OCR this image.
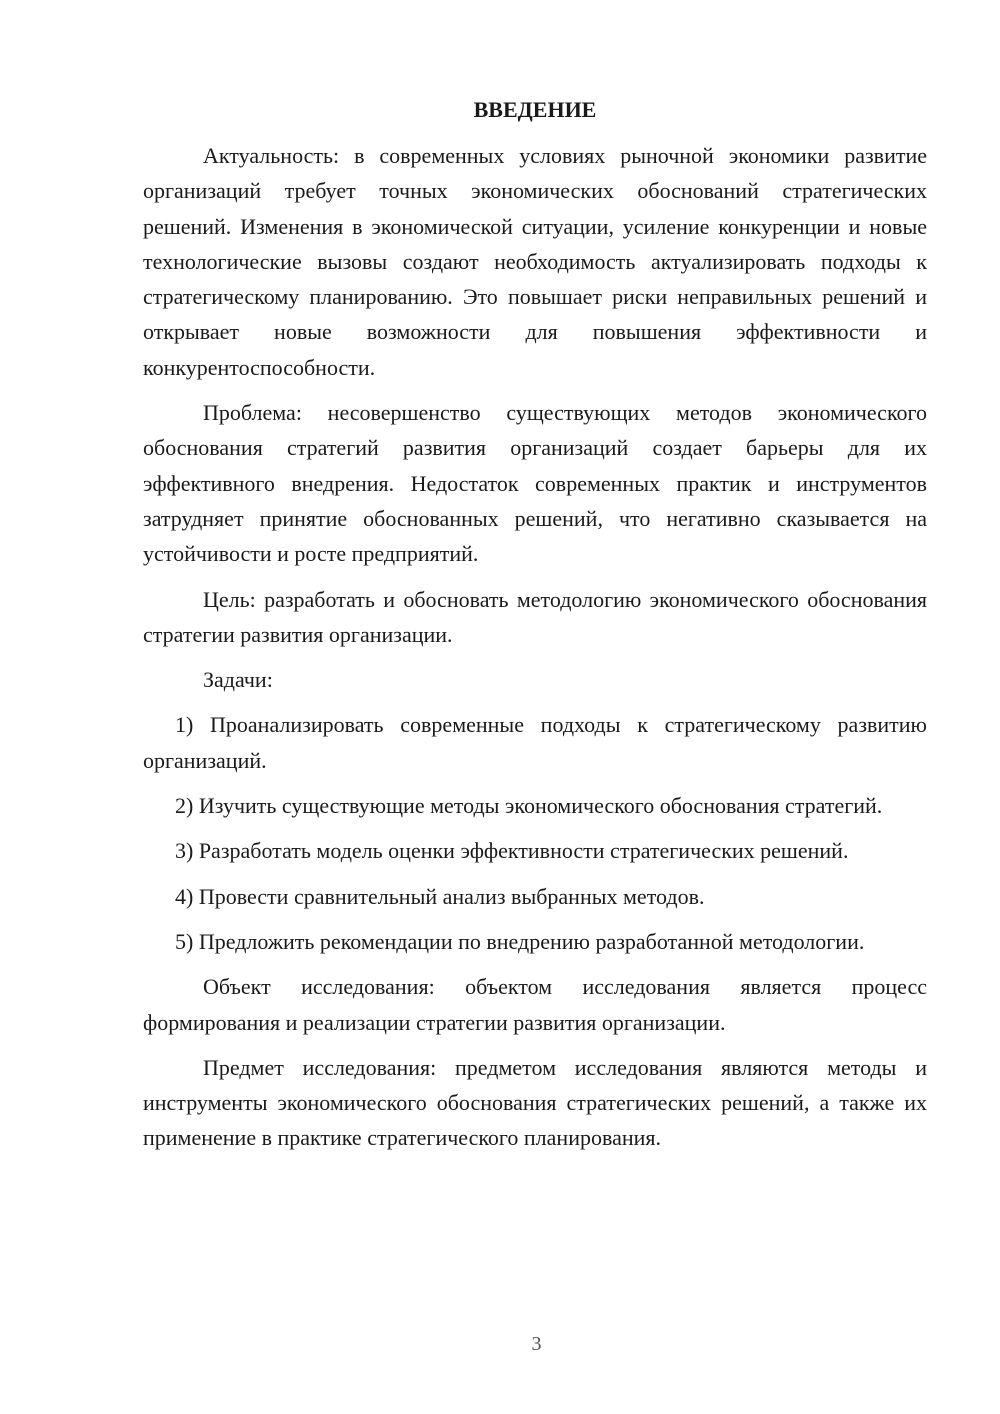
ВВЕДЕНИЕ

Актуальность: в современных условиях рыночной экономики развитие организаций требует точных экономических обоснований стратегических решений. Изменения в экономической ситуации, усиление конкуренции и новые технологические вызовы создают необходимость актуализировать подходы к стратегическому планированию. Это повышает риски неправильных решений и открывает новые возможности для повышения эффективности и конкурентоспособности.

Проблема: несовершенство существующих методов экономического обоснования стратегий развития организаций создает барьеры для их эффективного внедрения. Недостаток современных практик и инструментов затрудняет принятие обоснованных решений, что негативно сказывается на устойчивости и росте предприятий.

Цель: разработать и обосновать методологию экономического обоснования стратегии развития организации.

Задачи:

1) Проанализировать современные подходы к стратегическому развитию организаций.

2) Изучить существующие методы экономического обоснования стратегий.

3) Разработать модель оценки эффективности стратегических решений.

4) Провести сравнительный анализ выбранных методов.

5) Предложить рекомендации по внедрению разработанной методологии.

Объект исследования: объектом исследования является процесс формирования и реализации стратегии развития организации.

Предмет исследования: предметом исследования являются методы и инструменты экономического обоснования стратегических решений, а также их применение в практике стратегического планирования.

3
